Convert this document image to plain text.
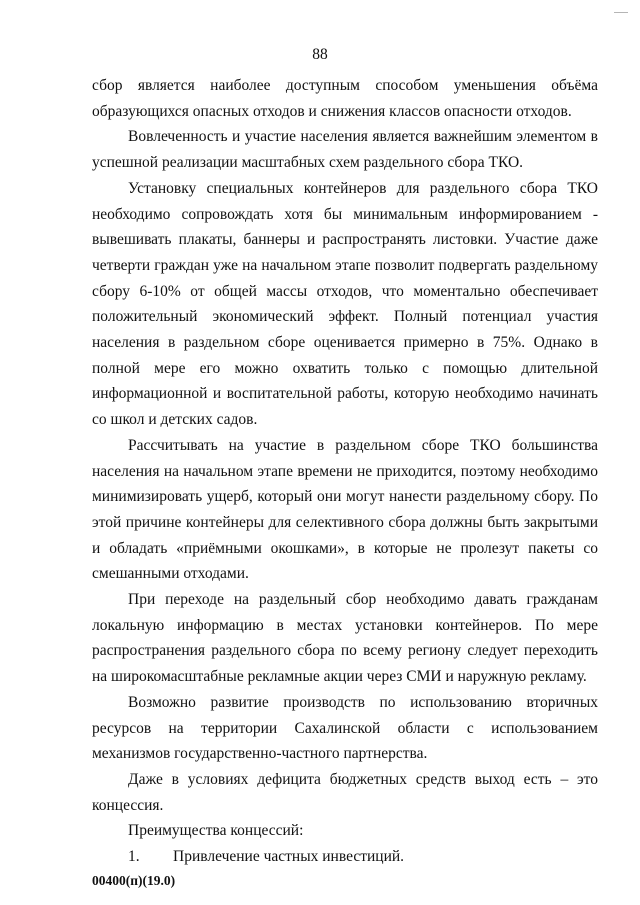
88

сбор является наиболее доступным способом уменьшения объёма образующихся опасных отходов и снижения классов опасности отходов.

Вовлеченность и участие населения является важнейшим элементом в успешной реализации масштабных схем раздельного сбора ТКО.

Установку специальных контейнеров для раздельного сбора ТКО необходимо сопровождать хотя бы минимальным информированием - вывешивать плакаты, баннеры и распространять листовки. Участие даже четверти граждан уже на начальном этапе позволит подвергать раздельному сбору 6-10% от общей массы отходов, что моментально обеспечивает положительный экономический эффект. Полный потенциал участия населения в раздельном сборе оценивается примерно в 75%. Однако в полной мере его можно охватить только с помощью длительной информационной и воспитательной работы, которую необходимо начинать со школ и детских садов.

Рассчитывать на участие в раздельном сборе ТКО большинства населения на начальном этапе времени не приходится, поэтому необходимо минимизировать ущерб, который они могут нанести раздельному сбору. По этой причине контейнеры для селективного сбора должны быть закрытыми и обладать «приёмными окошками», в которые не пролезут пакеты со смешанными отходами.

При переходе на раздельный сбор необходимо давать гражданам локальную информацию в местах установки контейнеров. По мере распространения раздельного сбора по всему региону следует переходить на широкомасштабные рекламные акции через СМИ и наружную рекламу.

Возможно развитие производств по использованию вторичных ресурсов на территории Сахалинской области с использованием механизмов государственно-частного партнерства.

Даже в условиях дефицита бюджетных средств выход есть – это концессия.

Преимущества концессий:

1. Привлечение частных инвестиций.

00400(п)(19.0)
